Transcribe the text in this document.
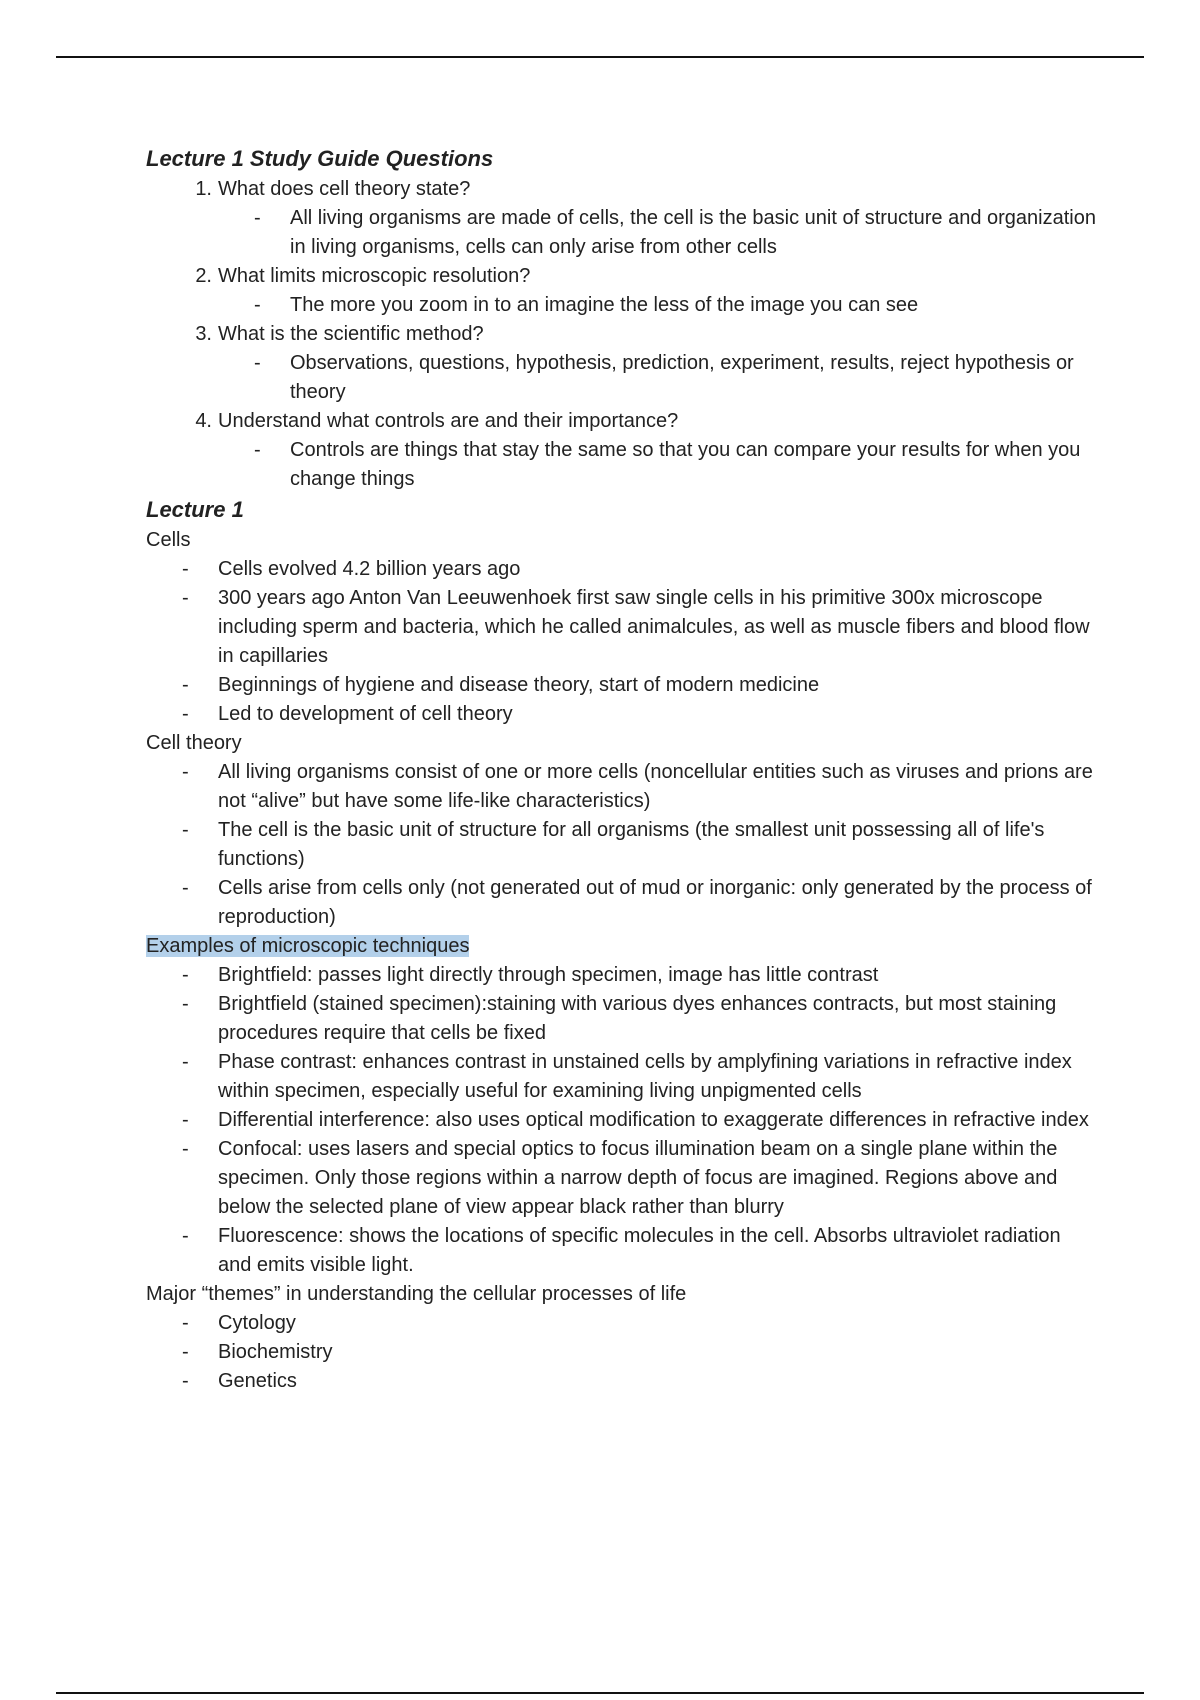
Lecture 1 Study Guide Questions
1. What does cell theory state?
- All living organisms are made of cells, the cell is the basic unit of structure and organization in living organisms, cells can only arise from other cells
2. What limits microscopic resolution?
- The more you zoom in to an imagine the less of the image you can see
3. What is the scientific method?
- Observations, questions, hypothesis, prediction, experiment, results, reject hypothesis or theory
4. Understand what controls are and their importance?
- Controls are things that stay the same so that you can compare your results for when you change things
Lecture 1

Cells

- Cells evolved 4.2 billion years ago
- 300 years ago Anton Van Leeuwenhoek first saw single cells in his primitive 300x microscope including sperm and bacteria, which he called animalcules, as well as muscle fibers and blood flow in capillaries
- Beginnings of hygiene and disease theory, start of modern medicine
- Led to development of cell theory

Cell theory

- All living organisms consist of one or more cells (noncellular entities such as viruses and prions are not “alive” but have some life-like characteristics)
- The cell is the basic unit of structure for all organisms (the smallest unit possessing all of life's functions)
- Cells arise from cells only (not generated out of mud or inorganic: only generated by the process of reproduction)

Examples of microscopic techniques

- Brightfield: passes light directly through specimen, image has little contrast
- Brightfield (stained specimen):staining with various dyes enhances contracts, but most staining procedures require that cells be fixed
- Phase contrast: enhances contrast in unstained cells by amplyfining variations in refractive index within specimen, especially useful for examining living unpigmented cells
- Differential interference: also uses optical modification to exaggerate differences in refractive index
- Confocal: uses lasers and special optics to focus illumination beam on a single plane within the specimen. Only those regions within a narrow depth of focus are imagined. Regions above and below the selected plane of view appear black rather than blurry
- Fluorescence: shows the locations of specific molecules in the cell. Absorbs ultraviolet radiation and emits visible light.

Major “themes” in understanding the cellular processes of life

- Cytology
- Biochemistry
- Genetics
